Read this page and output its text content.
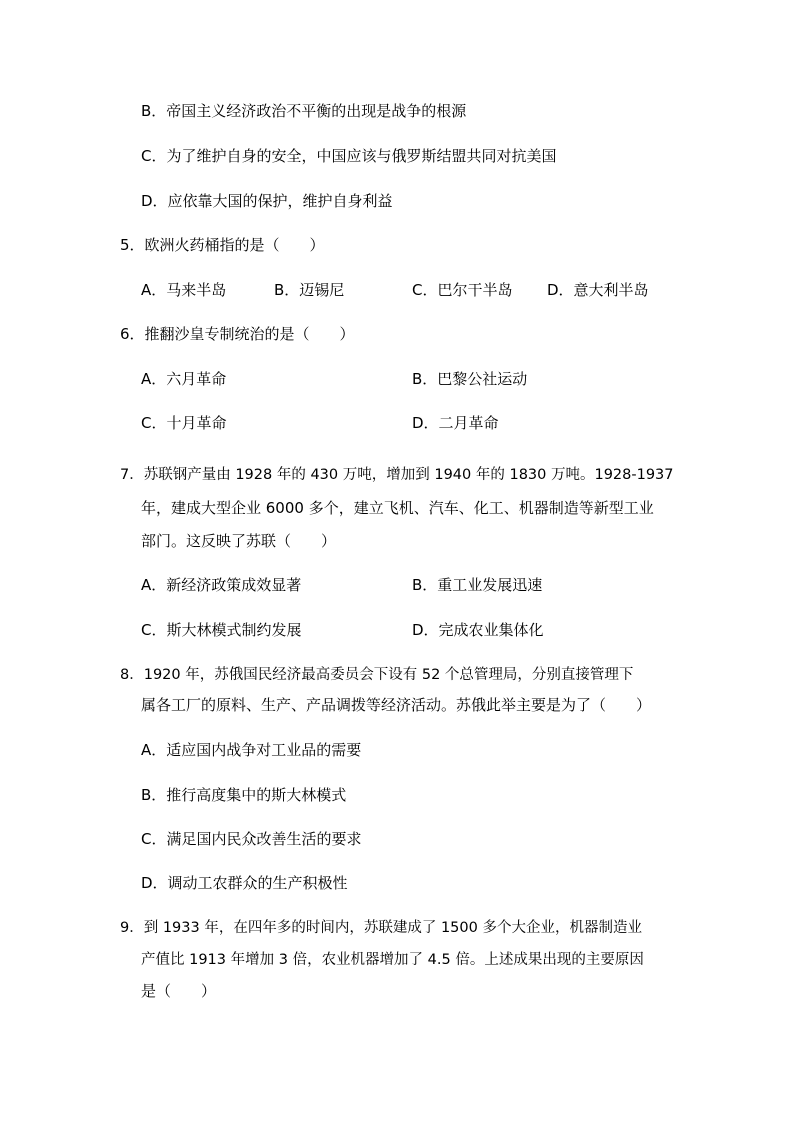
B．帝国主义经济政治不平衡的出现是战争的根源
C．为了维护自身的安全，中国应该与俄罗斯结盟共同对抗美国
D．应依靠大国的保护，维护自身利益
5．欧洲火药桶指的是（　　）
A．马来半岛	B．迈锡尼	C．巴尔干半岛 D．意大利半岛
6．推翻沙皇专制统治的是（　　）
A．六月革命	B．巴黎公社运动
C．十月革命	D．二月革命
7．苏联钢产量由 1928 年的 430 万吨，增加到 1940 年的 1830 万吨。1928-1937
年，建成大型企业 6000 多个，建立飞机、汽车、化工、机器制造等新型工业
部门。这反映了苏联（　　）
A．新经济政策成效显著	B．重工业发展迅速
C．斯大林模式制约发展	D．完成农业集体化
8．1920 年，苏俄国民经济最高委员会下设有 52 个总管理局，分别直接管理下
属各工厂的原料、生产、产品调拨等经济活动。苏俄此举主要是为了（　　）
A．适应国内战争对工业品的需要
B．推行高度集中的斯大林模式
C．满足国内民众改善生活的要求
D．调动工农群众的生产积极性
9．到 1933 年，在四年多的时间内，苏联建成了 1500 多个大企业，机器制造业
产值比 1913 年增加 3 倍，农业机器增加了 4.5 倍。上述成果出现的主要原因
是（　　）
